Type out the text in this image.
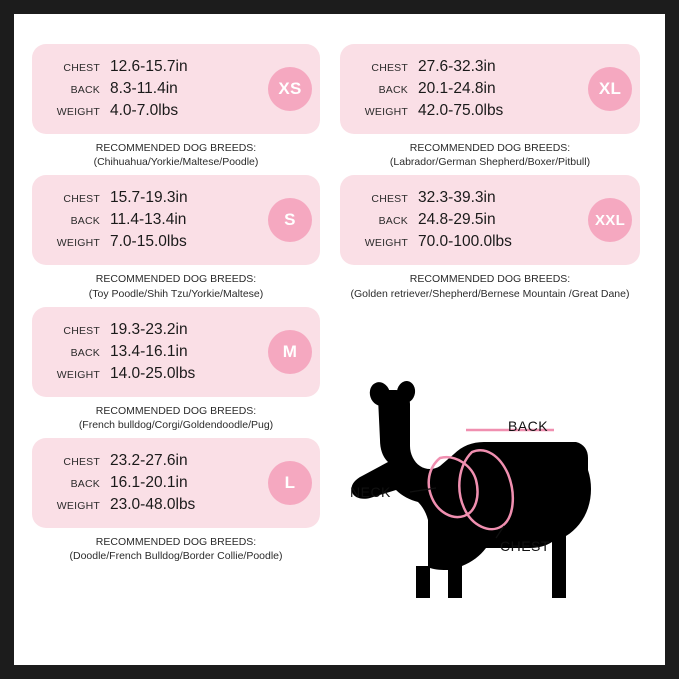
CHEST 12.6-15.7in
BACK 8.3-11.4in
WEIGHT 4.0-7.0lbs
XS
RECOMMENDED DOG BREEDS:
(Chihuahua/Yorkie/Maltese/Poodle)
CHEST 15.7-19.3in
BACK 11.4-13.4in
WEIGHT 7.0-15.0lbs
S
RECOMMENDED DOG BREEDS:
(Toy Poodle/Shih Tzu/Yorkie/Maltese)
CHEST 19.3-23.2in
BACK 13.4-16.1in
WEIGHT 14.0-25.0lbs
M
RECOMMENDED DOG BREEDS:
(French bulldog/Corgi/Goldendoodle/Pug)
CHEST 23.2-27.6in
BACK 16.1-20.1in
WEIGHT 23.0-48.0lbs
L
RECOMMENDED DOG BREEDS:
(Doodle/French Bulldog/Border Collie/Poodle)
CHEST 27.6-32.3in
BACK 20.1-24.8in
WEIGHT 42.0-75.0lbs
XL
RECOMMENDED DOG BREEDS:
(Labrador/German Shepherd/Boxer/Pitbull)
CHEST 32.3-39.3in
BACK 24.8-29.5in
WEIGHT 70.0-100.0lbs
XXL
RECOMMENDED DOG BREEDS:
(Golden retriever/Shepherd/Bernese Mountain /Great Dane)
BACK
NECK
CHEST
